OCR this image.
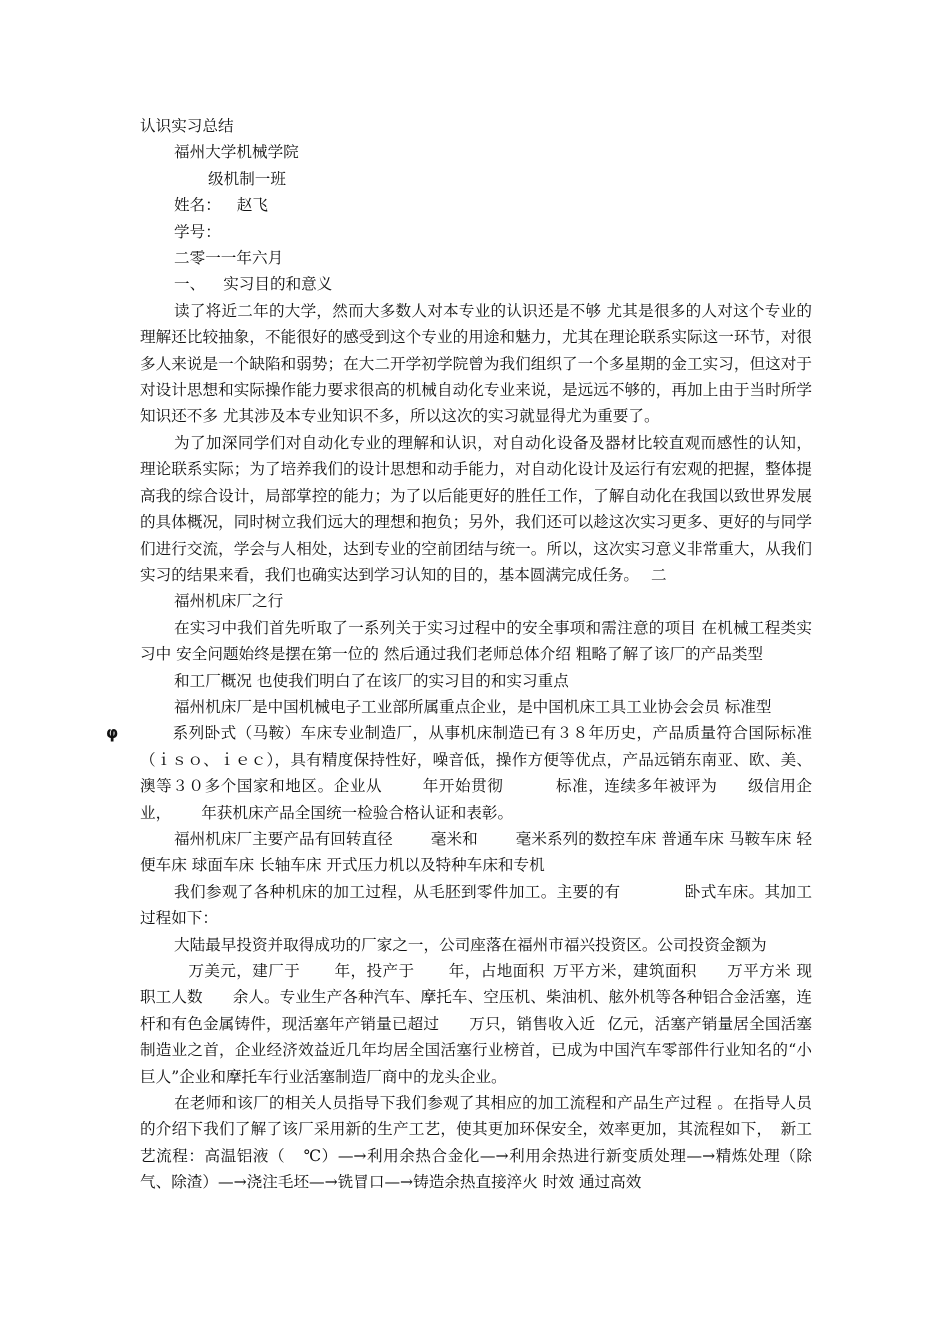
认识实习总结
福州大学机械学院
级机制一班
姓名： 赵飞
学号：
二零一一年六月
一、 实习目的和意义
读了将近二年的大学，然而大多数人对本专业的认识还是不够 尤其是很多的人对这个专业的理解还比较抽象，不能很好的感受到这个专业的用途和魅力，尤其在理论联系实际这一环节，对很多人来说是一个缺陷和弱势；在大二开学初学院曾为我们组织了一个多星期的金工实习，但这对于对设计思想和实际操作能力要求很高的机械自动化专业来说，是远远不够的，再加上由于当时所学知识还不多 尤其涉及本专业知识不多，所以这次的实习就显得尤为重要了。
为了加深同学们对自动化专业的理解和认识，对自动化设备及器材比较直观而感性的认知，理论联系实际；为了培养我们的设计思想和动手能力，对自动化设计及运行有宏观的把握，整体提高我的综合设计，局部掌控的能力；为了以后能更好的胜任工作，了解自动化在我国以致世界发展的具体概况，同时树立我们远大的理想和抱负；另外，我们还可以趁这次实习更多、更好的与同学们进行交流，学会与人相处，达到专业的空前团结与统一。所以，这次实习意义非常重大，从我们实习的结果来看，我们也确实达到学习认知的目的，基本圆满完成任务。 二
福州机床厂之行
在实习中我们首先听取了一系列关于实习过程中的安全事项和需注意的项目 在机械工程类实习中 安全问题始终是摆在第一位的 然后通过我们老师总体介绍 粗略了解了该厂的产品类型
和工厂概况 也使我们明白了在该厂的实习目的和实习重点
福州机床厂是中国机械电子工业部所属重点企业，是中国机床工具工业协会会员 标准型
φ	系列卧式（马鞍）车床专业制造厂，从事机床制造已有３８年历史，产品质量符合国际标准（ｉｓｏ、ｉｅｃ），具有精度保持性好，噪音低，操作方便等优点，产品远销东南亚、欧、美、澳等３０多个国家和地区。企业从	年开始贯彻	标准，连续多年被评为 级信用企业， 年获机床产品全国统一检验合格认证和表彰。
福州机床厂主要产品有回转直径 毫米和 毫米系列的数控车床 普通车床 马鞍车床 轻便车床 球面车床 长轴车床 开式压力机以及特种车床和专机
我们参观了各种机床的加工过程，从毛胚到零件加工。主要的有	卧式车床。其加工过程如下：
大陆最早投资并取得成功的厂家之一，公司座落在福州市福兴投资区。公司投资金额为
万美元，建厂于 年，投产于 年，占地面积 万平方米，建筑面积 万平方米 现职工人数 余人。专业生产各种汽车、摩托车、空压机、柴油机、舷外机等各种铝合金活塞，连杆和有色金属铸件，现活塞年产销量已超过 万只，销售收入近 亿元，活塞产销量居全国活塞制造业之首，企业经济效益近几年均居全国活塞行业榜首，已成为中国汽车零部件行业知名的“小巨人”企业和摩托车行业活塞制造厂商中的龙头企业。
在老师和该厂的相关人员指导下我们参观了其相应的加工流程和产品生产过程 。在指导人员的介绍下我们了解了该厂采用新的生产工艺，使其更加环保安全，效率更加，其流程如下， 新工艺流程：高温铝液（ ℃）—→利用余热合金化—→利用余热进行新变质处理—→精炼处理（除气、除渣）—→浇注毛坯—→铣冒口—→铸造余热直接淬火 时效 通过高效
